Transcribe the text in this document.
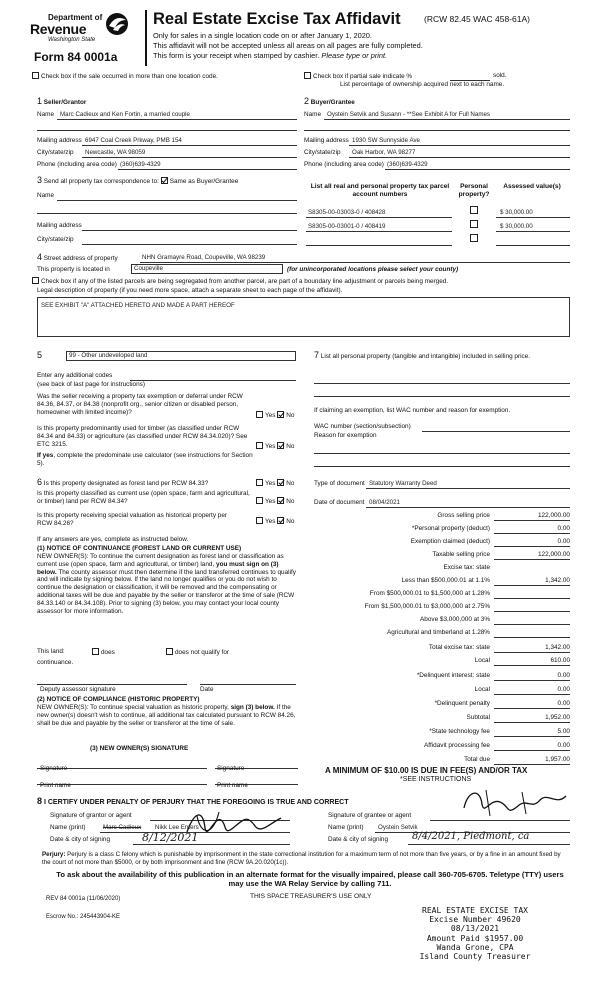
Department of
Revenue
Washington State
Form 84 0001a
Real Estate Excise Tax Affidavit	(RCW 82.45 WAC 458-61A)
Only for sales in a single location code on or after January 1, 2020.
This affidavit will not be accepted unless all areas on all pages are fully completed.
This form is your receipt when stamped by cashier. Please type or print.
Check box if the sale occurred in more than one location code.	Check box if partial sale indicate %	sold.
List percentage of ownership acquired next to each name.
1 Seller/Grantor
Name Marc Cadieux and Ken Fortin, a married couple
Mailing address 6947 Coal Creek Prkway, PMB 154
City/state/zip Newcastle, WA 98059
Phone (including area code) (360)639-4329
2 Buyer/Grantee
Name Oystein Setvik and Susann - **See Exhibit A for Full Names
Mailing address 1930 SW Sunnyside Ave
City/state/zip Oak Harbor, WA 98277
Phone (including area code) (360)639-4329
3 Send all property tax correspondence to: Same as Buyer/Grantee
Name
Mailing address
City/state/zip
List all real and personal property tax parcel account numbers
Personal property?
Assessed value(s)
S8305-00-03003-0 / 408428	$ 30,000.00
S8305-00-03001-0 / 408419	$ 30,000.00
4 Street address of property	NHN Gramayre Road, Coupeville, WA 98239
This property is located in	Coupeville	(for unincorporated locations please select your county)
Check box if any of the listed parcels are being segregated from another parcel, are part of a boundary line adjustment or parcels being merged.
Legal description of property (if you need more space, attach a separate sheet to each page of the affidavit).
SEE EXHIBIT "A" ATTACHED HERETO AND MADE A PART HEREOF
5	99 - Other undeveloped land
Enter any additional codes
(see back of last page for instructions)
Was the seller receiving a property tax exemption or deferral under RCW 84.36, 84.37, or 84.38 (nonprofit org., senior citizen or disabled person, homeowner with limited income)?	Yes No
Is this property predominantly used for timber (as classified under RCW 84.34 and 84.33) or agriculture (as classified under RCW 84.34.020)? See ETC 3215.	Yes No
If yes, complete the predominate use calculator (see instructions for Section 5).
6 Is this property designated as forest land per RCW 84.33?	Yes No
Is this property classified as current use (open space, farm and agricultural, or timber) land per RCW 84.34?	Yes No
Is this property receiving special valuation as historical property per RCW 84.26?	Yes No
If any answers are yes, complete as instructed below.
(1) NOTICE OF CONTINUANCE (FOREST LAND OR CURRENT USE)
NEW OWNER(S): To continue the current designation as forest land or classification as current use (open space, farm and agricultural, or timber) land, you must sign on (3) below. The county assessor must then determine if the land transferred continues to qualify and will indicate by signing below. If the land no longer qualifies or you do not wish to continue the designation or classification, it will be removed and the compensating or additional taxes will be due and payable by the seller or transferor at the time of sale (RCW 84.33.140 or 84.34.108). Prior to signing (3) below, you may contact your local county assessor for more information.
This land:	does	does not qualify for
continuance.
Deputy assessor signature	Date
(2) NOTICE OF COMPLIANCE (HISTORIC PROPERTY)
NEW OWNER(S): To continue special valuation as historic property, sign (3) below. If the new owner(s) doesn't wish to continue, all additional tax calculated pursuant to RCW 84.26, shall be due and payable by the seller or transferor at the time of sale.
(3) NEW OWNER(S) SIGNATURE
Signature	Signature
Print name	Print name
7 List all personal property (tangible and intangible) included in selling price.
If claiming an exemption, list WAC number and reason for exemption.
WAC number (section/subsection)
Reason for exemption
Type of document Statutory Warranty Deed
Date of document 08/04/2021
Gross selling price	122,000.00
*Personal property (deduct)	0.00
Exemption claimed (deduct)	0.00
Taxable selling price	122,000.00
Excise tax: state
Less than $500,000.01 at 1.1%	1,342.00
From $500,000.01 to $1,500,000 at 1.28%
From $1,500,000.01 to $3,000,000 at 2.75%
Above $3,000,000 at 3%
Agricultural and timberland at 1.28%
Total excise tax: state	1,342.00
Local	610.00
*Delinquent interest: state	0.00
Local	0.00
*Delinquent penalty	0.00
Subtotal	1,952.00
*State technology fee	5.00
Affidavit processing fee	0.00
Total due	1,957.00
A MINIMUM OF $10.00 IS DUE IN FEE(S) AND/OR TAX
*SEE INSTRUCTIONS
8 I CERTIFY UNDER PENALTY OF PERJURY THAT THE FOREGOING IS TRUE AND CORRECT
Signature of grantor or agent
Name (print)	Marc Cadieux Nikk Lee Enters
Date & city of signing	8/12/2021
Signature of grantee or agent
Name (print) Oystein Setvik
Date & city of signing 8/4/2021, Piedmont, ca
Perjury: Perjury is a class C felony which is punishable by imprisonment in the state correctional institution for a maximum term of not more than five years, or by a fine in an amount fixed by the court of not more than $5000, or by both imprisonment and fine (RCW 9A.20.020(1c)).
To ask about the availability of this publication in an alternate format for the visually impaired, please call 360-705-6705. Teletype (TTY) users may use the WA Relay Service by calling 711.
REV 84 0001a (11/06/2020)	THIS SPACE TREASURER'S USE ONLY
Escrow No.: 245443904-KE
REAL ESTATE EXCISE TAX
Excise Number 49620
08/13/2021
Amount Paid $1957.00
Wanda Grone, CPA
Island County Treasurer
